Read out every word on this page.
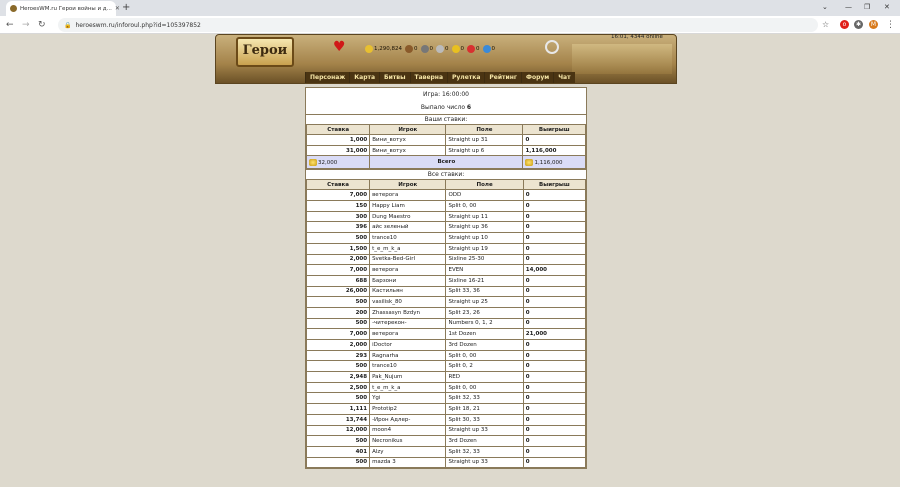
HeroesWM.ru Герои войны и д... ✕ +	⌄ — ❐ ✕
← → ↻	🔒 heroeswm.ru/inforoul.php?id=105397852	☆	o	✱	M ⋮
Герои	♥	1,290,824 0 0 0 0 0 0
16:01, 4344 online
Персонаж	Карта	Битвы	Таверна	Рулетка	Рейтинг	Форум	Чат
Игра: 16:00:00
Выпало число 6
Ваши ставки:
Ставка	Игрок	Поле	Выигрыш
1,000	Вини_вотух	Straight up 31	0
31,000	Вини_вотух	Straight up 6	1,116,000
32,000	Всего		1,116,000
Все ставки:
Ставка	Игрок	Поле	Выигрыш
7,000	ветерога	ODD	0
150	Happy Liam	Split 0, 00	0
300	Dung Maestro	Straight up 11	0
396	айс зеленый	Straight up 36	0
500	trance10	Straight up 10	0
1,500	t_e_m_k_a	Straight up 19	0
2,000	Svetka-Bed-Girl	Sixline 25-30	0
7,000	ветерога	EVEN	14,000
688	Барзони	Sixline 16-21	0
26,000	Кастильян	Split 33, 36	0
500	vasilisk_80	Straight up 25	0
200	Zhassasyn Bzdyn	Split 23, 26	0
500	-читерекон-	Numbers 0, 1, 2	0
7,000	ветерога	1st Dozen	21,000
2,000	iDoctor	3rd Dozen	0
293	Ragnarha	Split 0, 00	0
500	trance10	Split 0, 2	0
2,948	Pak_Nujum	RED	0
2,500	t_e_m_k_a	Split 0, 00	0
500	Ygi	Split 32, 33	0
1,111	Prototip2	Split 18, 21	0
13,744	-Ирон Адлер-	Split 30, 33	0
12,000	moon4	Straight up 33	0
500	Necronikus	3rd Dozen	0
401	Alzy	Split 32, 33	0
500	mazda 3	Straight up 33	0
